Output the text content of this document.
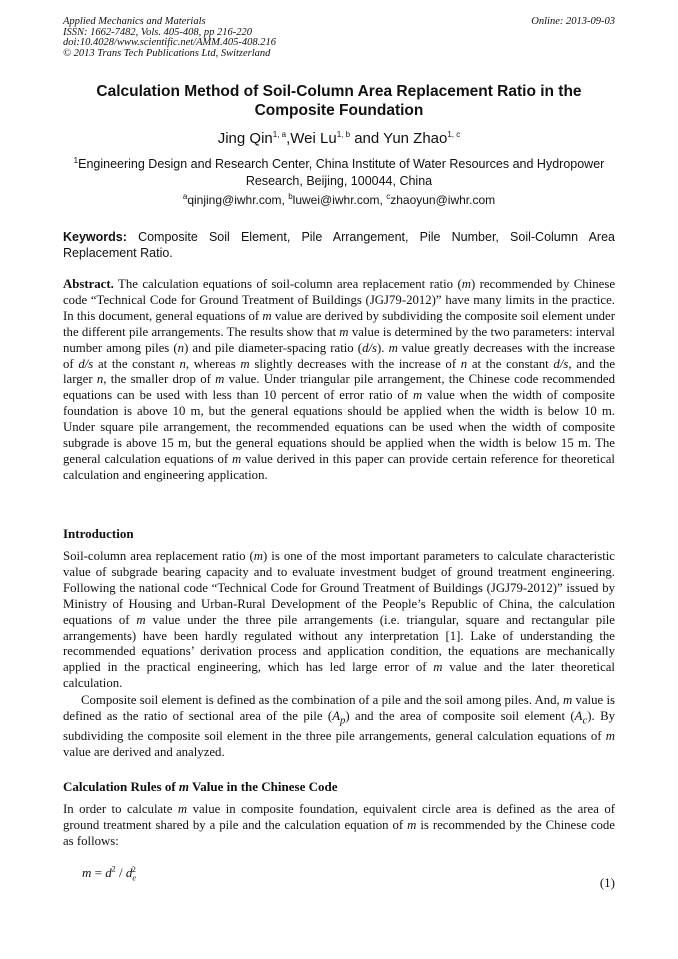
Applied Mechanics and Materials
ISSN: 1662-7482, Vols. 405-408, pp 216-220
doi:10.4028/www.scientific.net/AMM.405-408.216
© 2013 Trans Tech Publications Ltd, Switzerland
Online: 2013-09-03
Calculation Method of Soil-Column Area Replacement Ratio in the
Composite Foundation
Jing Qin$^{1, a}$,Wei Lu$^{1, b}$ and Yun Zhao$^{1, c}$
$^1$Engineering Design and Research Center, China Institute of Water Resources and Hydropower
Research, Beijing, 100044, China
$^a$qinjing@iwhr.com, $^b$luwei@iwhr.com, $^c$zhaoyun@iwhr.com
Keywords: Composite Soil Element, Pile Arrangement, Pile Number, Soil-Column Area Replacement Ratio.
Abstract. The calculation equations of soil-column area replacement ratio (m) recommended by Chinese code “Technical Code for Ground Treatment of Buildings (JGJ79-2012)” have many limits in the practice. In this document, general equations of m value are derived by subdividing the composite soil element under the different pile arrangements. The results show that m value is determined by the two parameters: interval number among piles (n) and pile diameter-spacing ratio (d/s). m value greatly decreases with the increase of d/s at the constant n, whereas m slightly decreases with the increase of n at the constant d/s, and the larger n, the smaller drop of m value. Under triangular pile arrangement, the Chinese code recommended equations can be used with less than 10 percent of error ratio of m value when the width of composite foundation is above 10 m, but the general equations should be applied when the width is below 10 m. Under square pile arrangement, the recommended equations can be used when the width of composite subgrade is above 15 m, but the general equations should be applied when the width is below 15 m. The general calculation equations of m value derived in this paper can provide certain reference for theoretical calculation and engineering application.
Introduction
Soil-column area replacement ratio (m) is one of the most important parameters to calculate characteristic value of subgrade bearing capacity and to evaluate investment budget of ground treatment engineering. Following the national code “Technical Code for Ground Treatment of Buildings (JGJ79-2012)” issued by Ministry of Housing and Urban-Rural Development of the People’s Republic of China, the calculation equations of m value under the three pile arrangements (i.e. triangular, square and rectangular pile arrangements) have been hardly regulated without any interpretation [1]. Lake of understanding the recommended equations’ derivation process and application condition, the equations are mechanically applied in the practical engineering, which has led large error of m value and the later theoretical calculation.
Composite soil element is defined as the combination of a pile and the soil among piles. And, m value is defined as the ratio of sectional area of the pile $(A_p)$ and the area of composite soil element $(A_c)$. By subdividing the composite soil element in the three pile arrangements, general calculation equations of m value are derived and analyzed.
Calculation Rules of m Value in the Chinese Code
In order to calculate m value in composite foundation, equivalent circle area is defined as the area of ground treatment shared by a pile and the calculation equation of m is recommended by the Chinese code as follows:
$m = d^2 / d_e^2$
(1)
